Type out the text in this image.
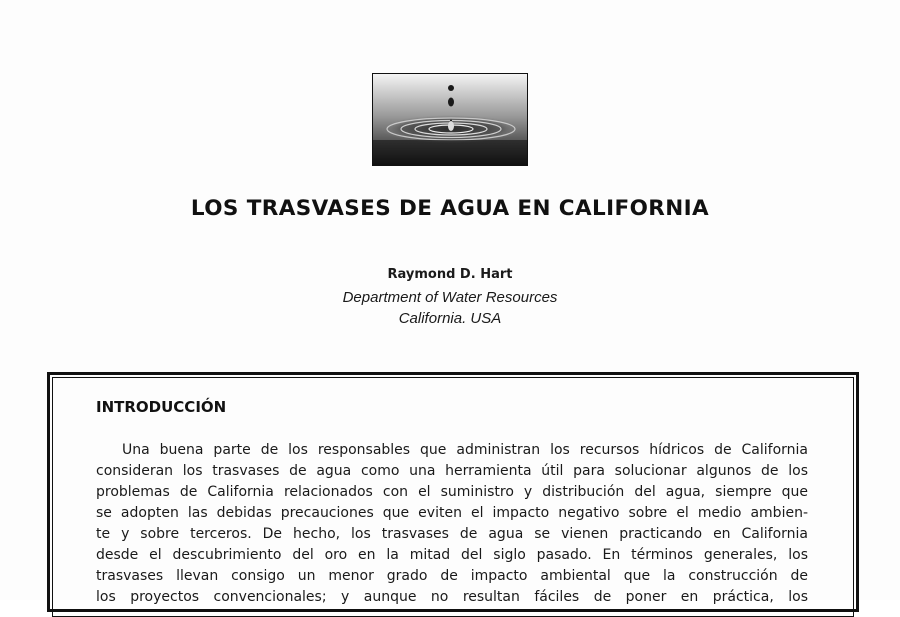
LOS TRASVASES DE AGUA EN CALIFORNIA
Raymond D. Hart
Department of Water Resources
California. USA
INTRODUCCIÓN
Una buena parte de los responsables que administran los recursos hídricos de California
consideran los trasvases de agua como una herramienta útil para solucionar algunos de los
problemas de California relacionados con el suministro y distribución del agua, siempre que
se adopten las debidas precauciones que eviten el impacto negativo sobre el medio ambien-
te y sobre terceros. De hecho, los trasvases de agua se vienen practicando en California
desde el descubrimiento del oro en la mitad del siglo pasado. En términos generales, los
trasvases llevan consigo un menor grado de impacto ambiental que la construcción de
los proyectos convencionales; y aunque no resultan fáciles de poner en práctica, los
